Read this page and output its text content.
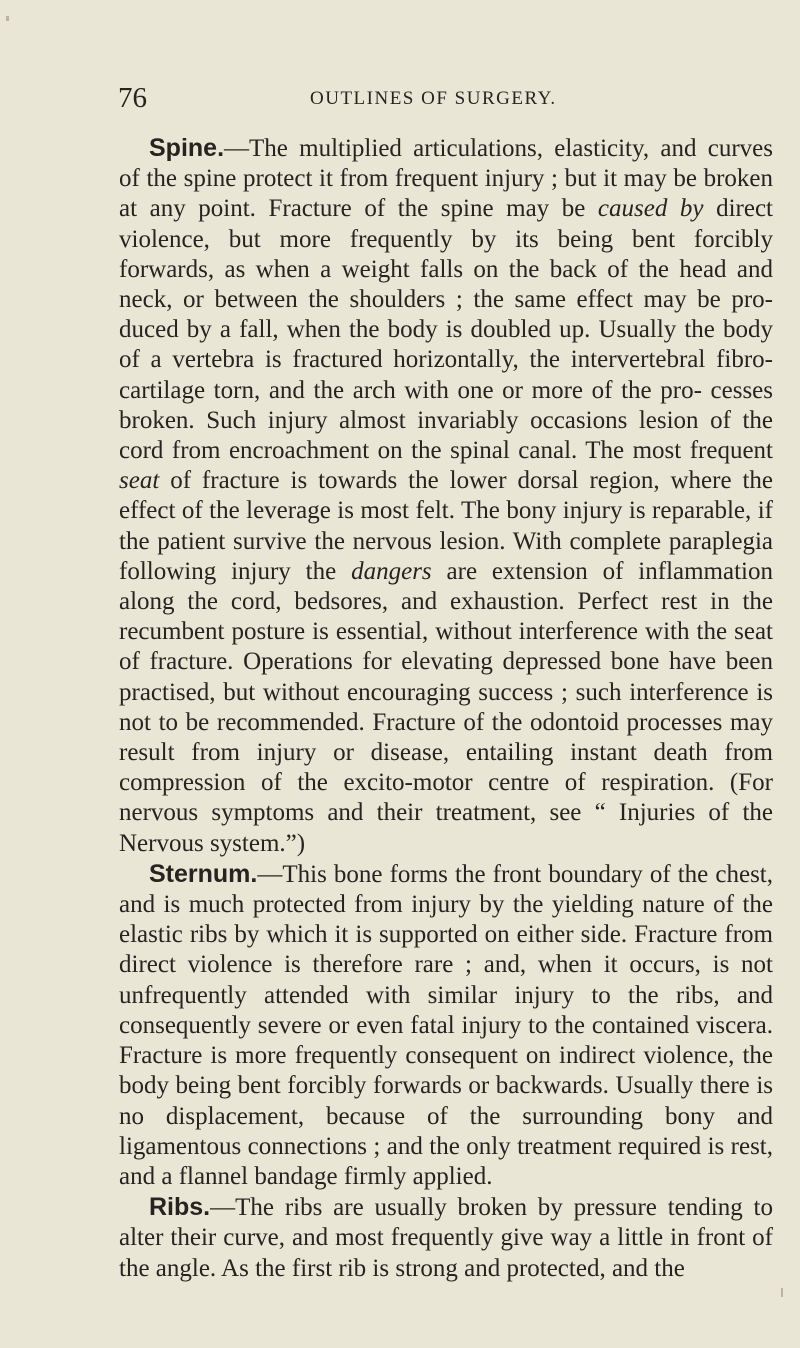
76	OUTLINES OF SURGERY.

Spine.—The multiplied articulations, elasticity, and curves of the spine protect it from frequent injury ; but it may be broken at any point. Fracture of the spine may be caused by direct violence, but more frequently by its being bent forcibly forwards, as when a weight falls on the back of the head and neck, or between the shoulders ; the same effect may be pro- duced by a fall, when the body is doubled up. Usually the body of a vertebra is fractured horizontally, the intervertebral fibro-cartilage torn, and the arch with one or more of the pro- cesses broken. Such injury almost invariably occasions lesion of the cord from encroachment on the spinal canal. The most frequent seat of fracture is towards the lower dorsal region, where the effect of the leverage is most felt. The bony injury is reparable, if the patient survive the nervous lesion. With complete paraplegia following injury the dangers are extension of inflammation along the cord, bedsores, and exhaustion. Perfect rest in the recumbent posture is essential, without interference with the seat of fracture. Operations for elevating depressed bone have been practised, but without encouraging success ; such interference is not to be recommended. Fracture of the odontoid processes may result from injury or disease, entailing instant death from compression of the excito-motor centre of respiration. (For nervous symptoms and their treatment, see “ Injuries of the Nervous system.”)

Sternum.—This bone forms the front boundary of the chest, and is much protected from injury by the yielding nature of the elastic ribs by which it is supported on either side. Fracture from direct violence is therefore rare ; and, when it occurs, is not unfrequently attended with similar injury to the ribs, and consequently severe or even fatal injury to the contained viscera. Fracture is more frequently consequent on indirect violence, the body being bent forcibly forwards or backwards. Usually there is no displacement, because of the surrounding bony and ligamentous connections ; and the only treatment required is rest, and a flannel bandage firmly applied.

Ribs.—The ribs are usually broken by pressure tending to alter their curve, and most frequently give way a little in front of the angle. As the first rib is strong and protected, and the
